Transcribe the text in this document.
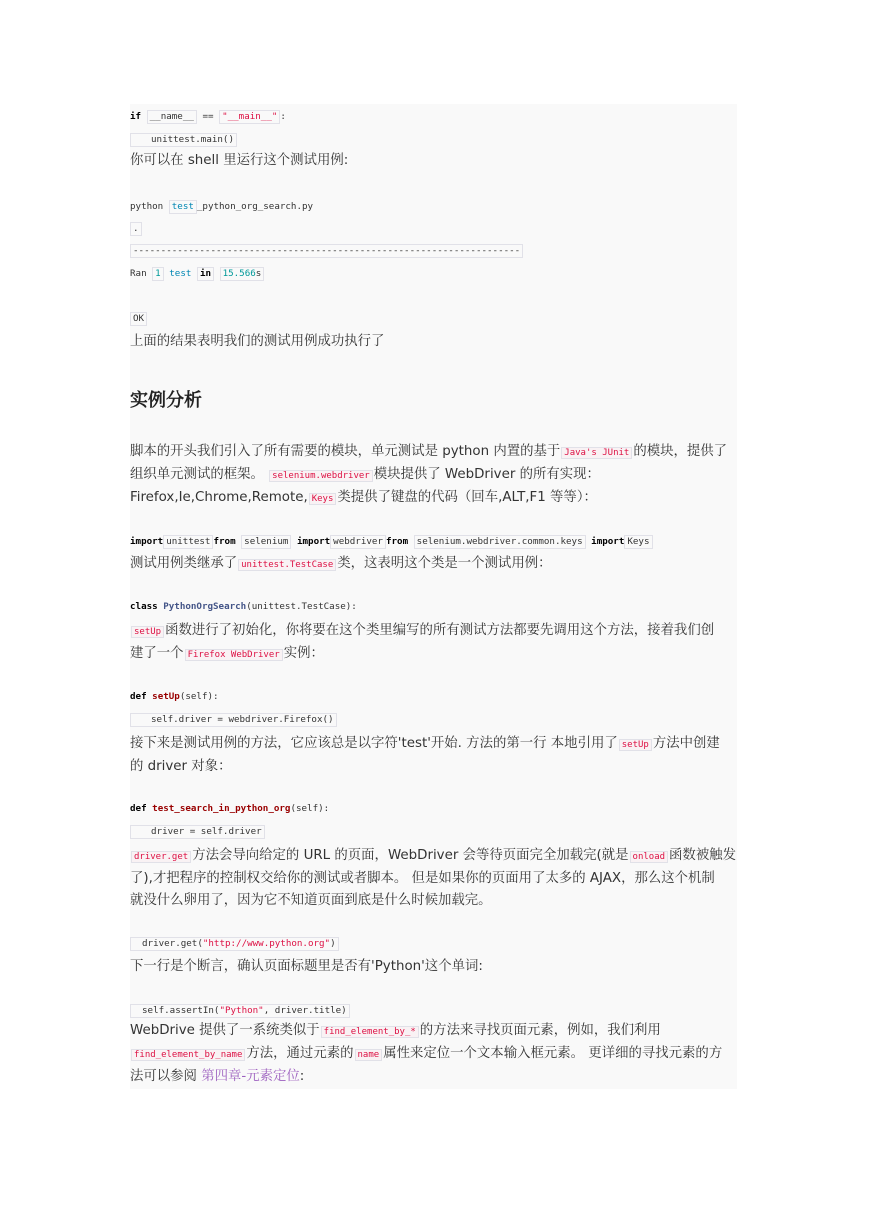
if __name__ == "__main__" :
unittest.main()
你可以在 shell 里运行这个测试用例:
python test _python_org_search.py
.
----------------------------------------------------------------------
Ran 1 test in 15.566s
OK
上面的结果表明我们的测试用例成功执行了
实例分析
脚本的开头我们引入了所有需要的模块，单元测试是 python 内置的基于 Java's JUnit 的模块，提供了
组织单元测试的框架。 selenium.webdriver 模块提供了 WebDriver 的所有实现：
Firefox,Ie,Chrome,Remote, Keys 类提供了键盘的代码（回车,ALT,F1 等等）：
import unittest from selenium import webdriver from selenium.webdriver.common.keys import Keys
测试用例类继承了 unittest.TestCase 类，这表明这个类是一个测试用例：
class PythonOrgSearch(unittest.TestCase):
setUp 函数进行了初始化，你将要在这个类里编写的所有测试方法都要先调用这个方法，接着我们创
建了一个 Firefox WebDriver 实例：
def setUp(self):
self.driver = webdriver.Firefox()
接下来是测试用例的方法，它应该总是以字符'test'开始. 方法的第一行 本地引用了 setUp 方法中创建
的 driver 对象：
def test_search_in_python_org(self):
driver = self.driver
driver.get 方法会导向给定的 URL 的页面，WebDriver 会等待页面完全加载完(就是 onload 函数被触发
了),才把程序的控制权交给你的测试或者脚本。 但是如果你的页面用了太多的 AJAX，那么这个机制
就没什么卵用了，因为它不知道页面到底是什么时候加载完。
driver.get("http://www.python.org")
下一行是个断言，确认页面标题里是否有'Python'这个单词:
self.assertIn("Python", driver.title)
WebDrive 提供了一系统类似于 find_element_by_* 的方法来寻找页面元素，例如，我们利用
find_element_by_name 方法，通过元素的 name 属性来定位一个文本输入框元素。 更详细的寻找元素的方
法可以参阅 第四章-元素定位:
